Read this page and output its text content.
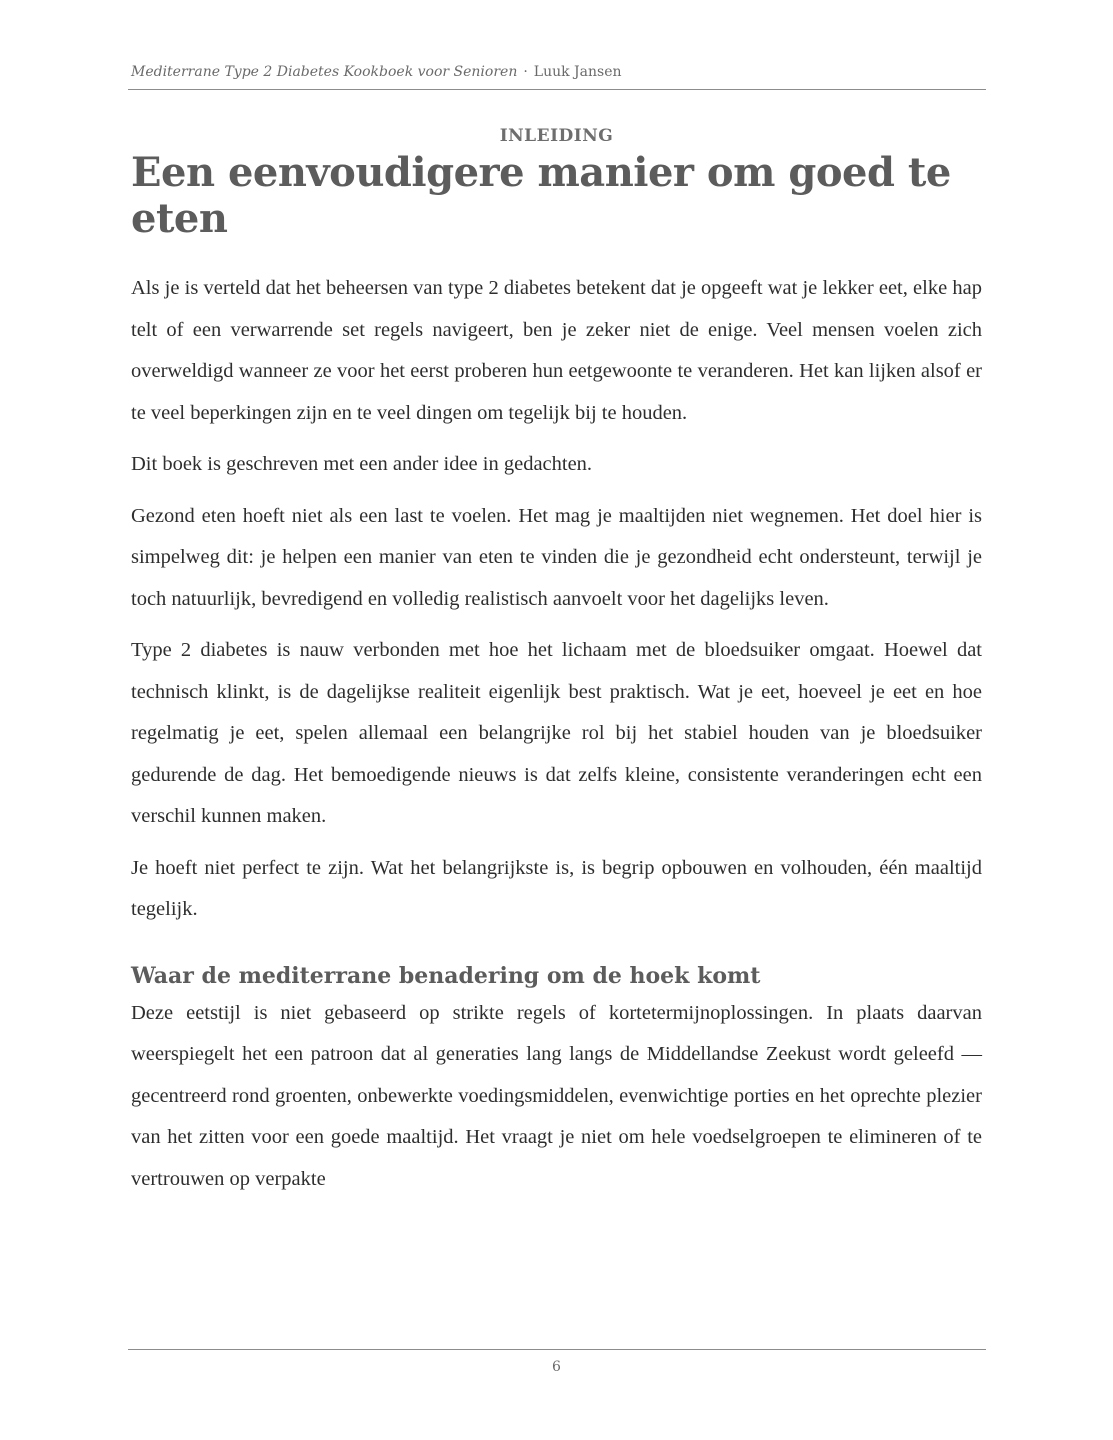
Mediterrane Type 2 Diabetes Kookboek voor Senioren · Luuk Jansen
INLEIDING
Een eenvoudigere manier om goed te eten

Als je is verteld dat het beheersen van type 2 diabetes betekent dat je opgeeft wat je lekker eet, elke hap telt of een verwarrende set regels navigeert, ben je zeker niet de enige. Veel mensen voelen zich overweldigd wanneer ze voor het eerst proberen hun eetgewoonte te veranderen. Het kan lijken alsof er te veel beperkingen zijn en te veel dingen om tegelijk bij te houden.

Dit boek is geschreven met een ander idee in gedachten.

Gezond eten hoeft niet als een last te voelen. Het mag je maaltijden niet wegnemen. Het doel hier is simpelweg dit: je helpen een manier van eten te vinden die je gezondheid echt ondersteunt, terwijl je toch natuurlijk, bevredigend en volledig realistisch aanvoelt voor het dagelijks leven.

Type 2 diabetes is nauw verbonden met hoe het lichaam met de bloedsuiker omgaat. Hoewel dat technisch klinkt, is de dagelijkse realiteit eigenlijk best praktisch. Wat je eet, hoeveel je eet en hoe regelmatig je eet, spelen allemaal een belangrijke rol bij het stabiel houden van je bloedsuiker gedurende de dag. Het bemoedigende nieuws is dat zelfs kleine, consistente veranderingen echt een verschil kunnen maken.

Je hoeft niet perfect te zijn. Wat het belangrijkste is, is begrip opbouwen en volhouden, één maaltijd tegelijk.

Waar de mediterrane benadering om de hoek komt

Deze eetstijl is niet gebaseerd op strikte regels of kortetermijnoplossingen. In plaats daarvan weerspiegelt het een patroon dat al generaties lang langs de Middellandse Zeekust wordt geleefd — gecentreerd rond groenten, onbewerkte voedingsmiddelen, evenwichtige porties en het oprechte plezier van het zitten voor een goede maaltijd. Het vraagt je niet om hele voedselgroepen te elimineren of te vertrouwen op verpakte

6
